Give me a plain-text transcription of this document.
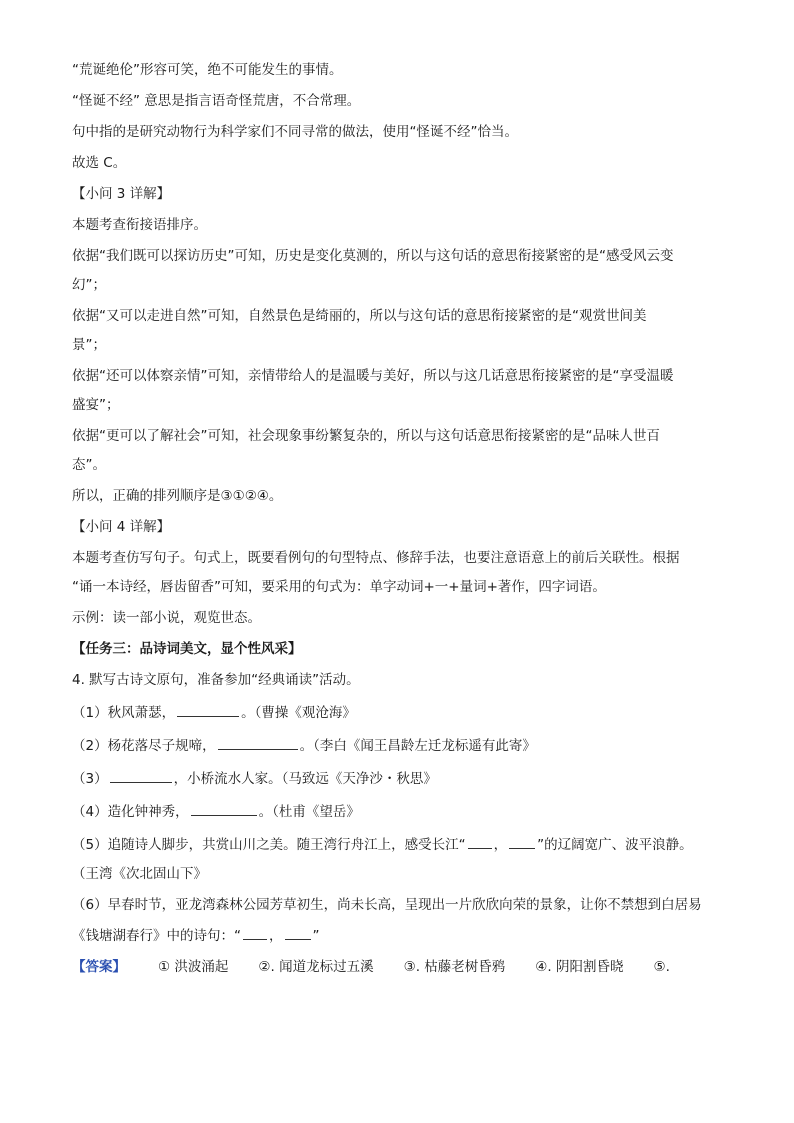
“荒诞绝伦”形容可笑，绝不可能发生的事情。

“怪诞不经” 意思是指言语奇怪荒唐，不合常理。

句中指的是研究动物行为科学家们不同寻常的做法，使用“怪诞不经”恰当。

故选 C。

【小问 3 详解】

本题考查衔接语排序。

依据“我们既可以探访历史”可知，历史是变化莫测的，所以与这句话的意思衔接紧密的是“感受风云变

幻”；

依据“又可以走进自然”可知，自然景色是绮丽的，所以与这句话的意思衔接紧密的是“观赏世间美

景”；

依据“还可以体察亲情”可知，亲情带给人的是温暖与美好，所以与这几话意思衔接紧密的是“享受温暖

盛宴”；

依据“更可以了解社会”可知，社会现象事纷繁复杂的，所以与这句话意思衔接紧密的是“品味人世百

态”。

所以，正确的排列顺序是③①②④。

【小问 4 详解】

本题考查仿写句子。句式上，既要看例句的句型特点、修辞手法，也要注意语意上的前后关联性。根据

“诵一本诗经，唇齿留香”可知，要采用的句式为：单字动词+一+量词+著作，四字词语。

示例：读一部小说，观览世态。

【任务三：品诗词美文，显个性风采】

4. 默写古诗文原句，准备参加“经典诵读”活动。

（1）秋风萧瑟，	。（曹操《观沧海》

（2）杨花落尽子规啼，	。（李白《闻王昌龄左迁龙标遥有此寄》

（3）	，小桥流水人家。（马致远《天净沙・秋思》

（4）造化钟神秀，	。（杜甫《望岳》

（5）追随诗人脚步，共赏山川之美。随王湾行舟江上，感受长江“ ， ”的辽阔宽广、波平浪静。

（王湾《次北固山下》

（6）早春时节，亚龙湾森林公园芳草初生，尚未长高，呈现出一片欣欣向荣的景象，让你不禁想到白居易

《钱塘湖春行》中的诗句：“ ， ”

【答案】 ① 洪波涌起 ②. 闻道龙标过五溪 ③. 枯藤老树昏鸦 ④. 阴阳割昏晓 ⑤.
